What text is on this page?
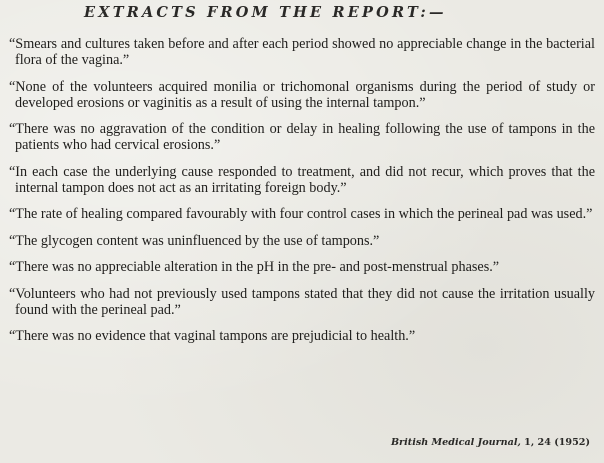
EXTRACTS FROM THE REPORT:—
“Smears and cultures taken before and after each period showed no appreciable change in the bacterial flora of the vagina.”
“None of the volunteers acquired monilia or trichomonal organisms during the period of study or developed erosions or vaginitis as a result of using the internal tampon.”
“There was no aggravation of the condition or delay in healing following the use of tampons in the patients who had cervical erosions.”
“In each case the underlying cause responded to treatment, and did not recur, which proves that the internal tampon does not act as an irritating foreign body.”
“The rate of healing compared favourably with four control cases in which the perineal pad was used.”
“The glycogen content was uninfluenced by the use of tampons.”
“There was no appreciable alteration in the pH in the pre- and post-menstrual phases.”
“Volunteers who had not previously used tampons stated that they did not cause the irritation usually found with the perineal pad.”
“There was no evidence that vaginal tampons are prejudicial to health.”
British Medical Journal, 1, 24 (1952)
